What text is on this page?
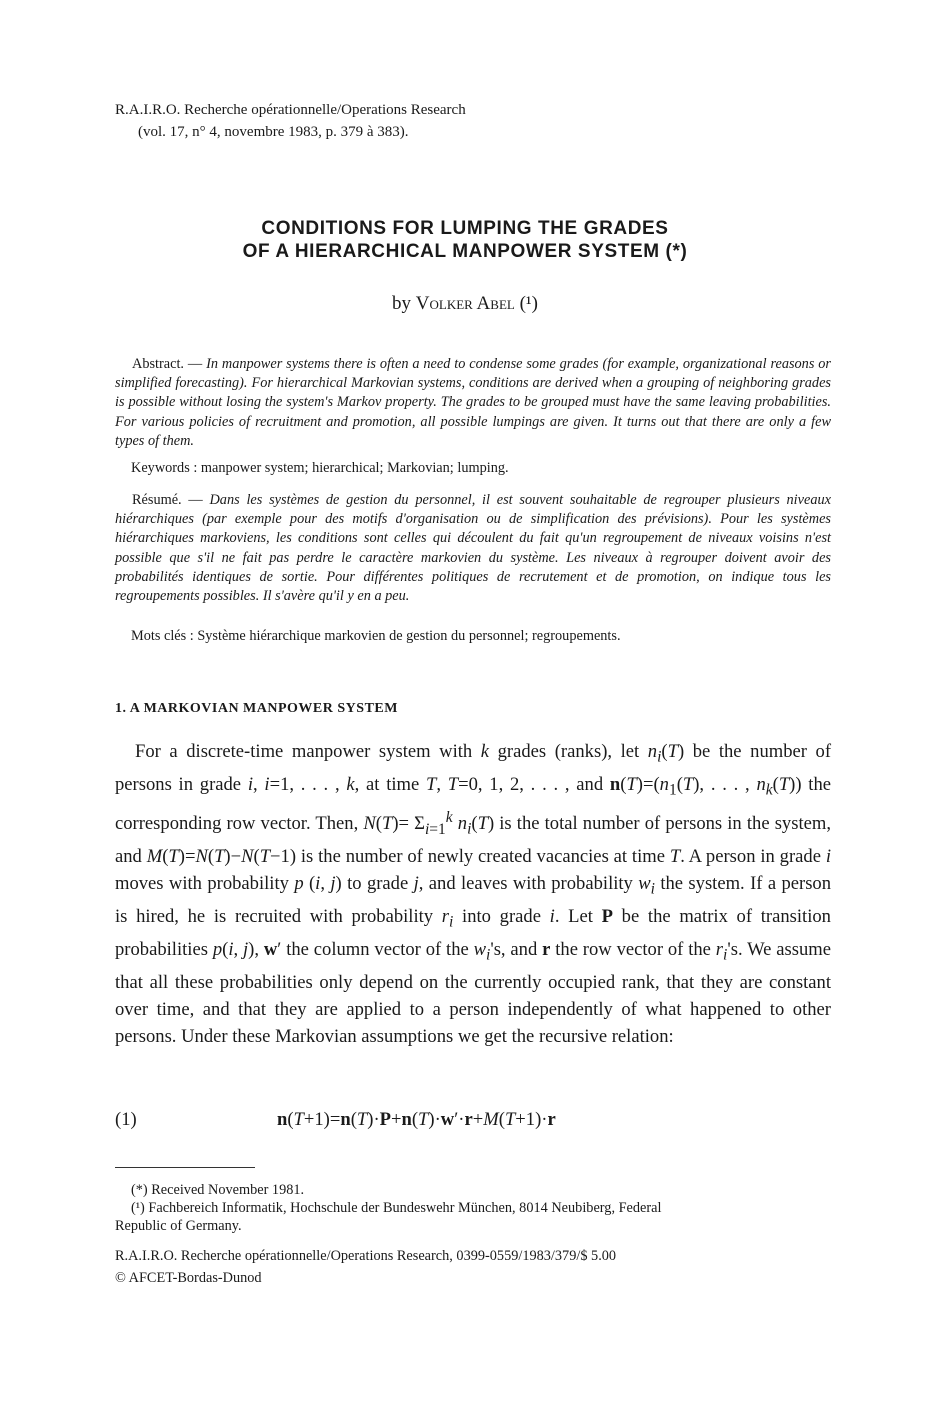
R.A.I.R.O. Recherche opérationnelle/Operations Research
(vol. 17, n° 4, novembre 1983, p. 379 à 383).
CONDITIONS FOR LUMPING THE GRADES
OF A HIERARCHICAL MANPOWER SYSTEM (*)
by Volker Abel (¹)
Abstract. — In manpower systems there is often a need to condense some grades (for example, organizational reasons or simplified forecasting). For hierarchical Markovian systems, conditions are derived when a grouping of neighboring grades is possible without losing the system's Markov property. The grades to be grouped must have the same leaving probabilities. For various policies of recruitment and promotion, all possible lumpings are given. It turns out that there are only a few types of them.
Keywords : manpower system; hierarchical; Markovian; lumping.
Résumé. — Dans les systèmes de gestion du personnel, il est souvent souhaitable de regrouper plusieurs niveaux hiérarchiques (par exemple pour des motifs d'organisation ou de simplification des prévisions). Pour les systèmes hiérarchiques markoviens, les conditions sont celles qui découlent du fait qu'un regroupement de niveaux voisins n'est possible que s'il ne fait pas perdre le caractère markovien du système. Les niveaux à regrouper doivent avoir des probabilités identiques de sortie. Pour différentes politiques de recrutement et de promotion, on indique tous les regroupements possibles. Il s'avère qu'il y en a peu.
Mots clés : Système hiérarchique markovien de gestion du personnel; regroupements.
1. A MARKOVIAN MANPOWER SYSTEM
For a discrete-time manpower system with k grades (ranks), let $n_i(T)$ be the number of persons in grade i, i=1, . . . , k, at time T, T=0, 1, 2, . . . , and $n(T)=(n_1(T)$, . . . , $n_k(T)$) the corresponding row vector. Then, $N(T)= \Sigma_{i=1}^k$ $n_i(T)$ is the total number of persons in the system, and M(T)=N(T)−N(T−1) is the number of newly created vacancies at time T. A person in grade i moves with probability p (i, j) to grade j, and leaves with probability $w_i$ the system. If a person is hired, he is recruited with probability $r_i$ into grade i. Let P be the matrix of transition probabilities p(i, j), w′ the column vector of the $w_i's$, and r the row vector of the $r_i's$. We assume that all these probabilities only depend on the currently occupied rank, that they are constant over time, and that they are applied to a person independently of what happened to other persons. Under these Markovian assumptions we get the recursive relation:
(1)	n(T+1)=n(T)·P+n(T)·w′·r+M(T+1)·r
(*) Received November 1981.
(¹) Fachbereich Informatik, Hochschule der Bundeswehr München, 8014 Neubiberg, Federal
Republic of Germany.
R.A.I.R.O. Recherche opérationnelle/Operations Research, 0399-0559/1983/379/$ 5.00
© AFCET-Bordas-Dunod
